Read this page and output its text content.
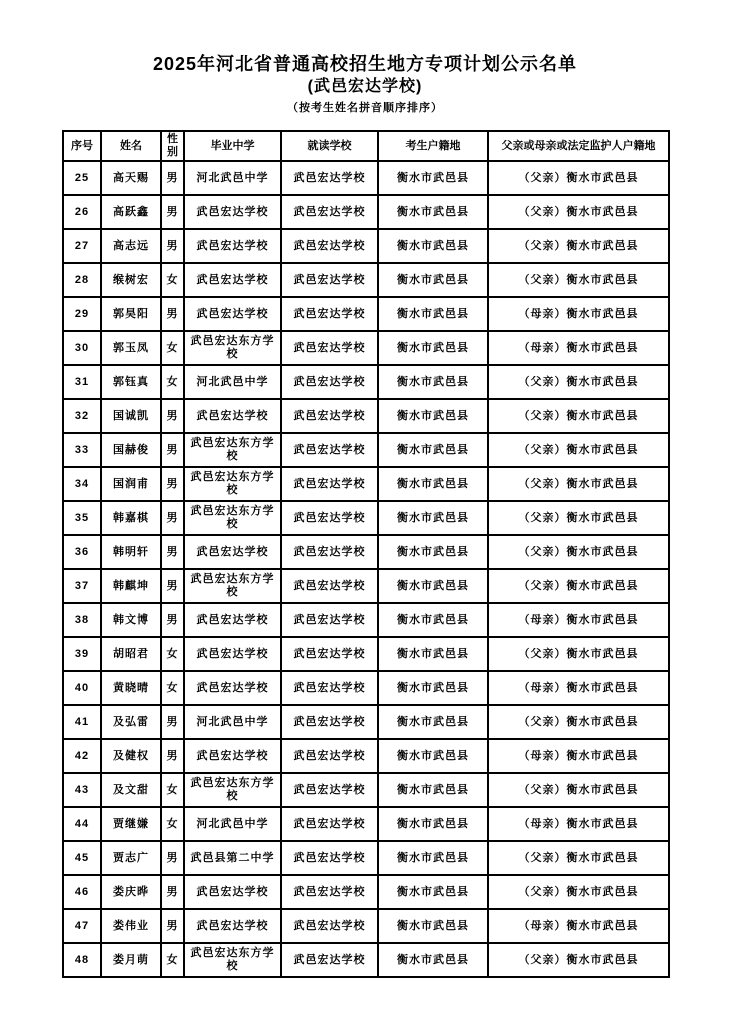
2025年河北省普通高校招生地方专项计划公示名单
(武邑宏达学校)
（按考生姓名拼音顺序排序）
序号	姓名	性别	毕业中学	就读学校	考生户籍地	父亲或母亲或法定监护人户籍地
25	高天赐	男	河北武邑中学	武邑宏达学校	衡水市武邑县	（父亲）衡水市武邑县
26	高跃鑫	男	武邑宏达学校	武邑宏达学校	衡水市武邑县	（父亲）衡水市武邑县
27	高志远	男	武邑宏达学校	武邑宏达学校	衡水市武邑县	（父亲）衡水市武邑县
28	缑树宏	女	武邑宏达学校	武邑宏达学校	衡水市武邑县	（父亲）衡水市武邑县
29	郭昊阳	男	武邑宏达学校	武邑宏达学校	衡水市武邑县	（母亲）衡水市武邑县
30	郭玉凤	女	武邑宏达东方学校	武邑宏达学校	衡水市武邑县	（母亲）衡水市武邑县
31	郭钰真	女	河北武邑中学	武邑宏达学校	衡水市武邑县	（父亲）衡水市武邑县
32	国诚凯	男	武邑宏达学校	武邑宏达学校	衡水市武邑县	（父亲）衡水市武邑县
33	国赫俊	男	武邑宏达东方学校	武邑宏达学校	衡水市武邑县	（父亲）衡水市武邑县
34	国润甫	男	武邑宏达东方学校	武邑宏达学校	衡水市武邑县	（父亲）衡水市武邑县
35	韩嘉棋	男	武邑宏达东方学校	武邑宏达学校	衡水市武邑县	（父亲）衡水市武邑县
36	韩明轩	男	武邑宏达学校	武邑宏达学校	衡水市武邑县	（父亲）衡水市武邑县
37	韩麒坤	男	武邑宏达东方学校	武邑宏达学校	衡水市武邑县	（父亲）衡水市武邑县
38	韩文博	男	武邑宏达学校	武邑宏达学校	衡水市武邑县	（母亲）衡水市武邑县
39	胡昭君	女	武邑宏达学校	武邑宏达学校	衡水市武邑县	（父亲）衡水市武邑县
40	黄晓晴	女	武邑宏达学校	武邑宏达学校	衡水市武邑县	（母亲）衡水市武邑县
41	及弘雷	男	河北武邑中学	武邑宏达学校	衡水市武邑县	（父亲）衡水市武邑县
42	及健权	男	武邑宏达学校	武邑宏达学校	衡水市武邑县	（母亲）衡水市武邑县
43	及文甜	女	武邑宏达东方学校	武邑宏达学校	衡水市武邑县	（父亲）衡水市武邑县
44	贾继嫌	女	河北武邑中学	武邑宏达学校	衡水市武邑县	（母亲）衡水市武邑县
45	贾志广	男	武邑县第二中学	武邑宏达学校	衡水市武邑县	（父亲）衡水市武邑县
46	娄庆晔	男	武邑宏达学校	武邑宏达学校	衡水市武邑县	（父亲）衡水市武邑县
47	娄伟业	男	武邑宏达学校	武邑宏达学校	衡水市武邑县	（母亲）衡水市武邑县
48	娄月萌	女	武邑宏达东方学校	武邑宏达学校	衡水市武邑县	（父亲）衡水市武邑县
